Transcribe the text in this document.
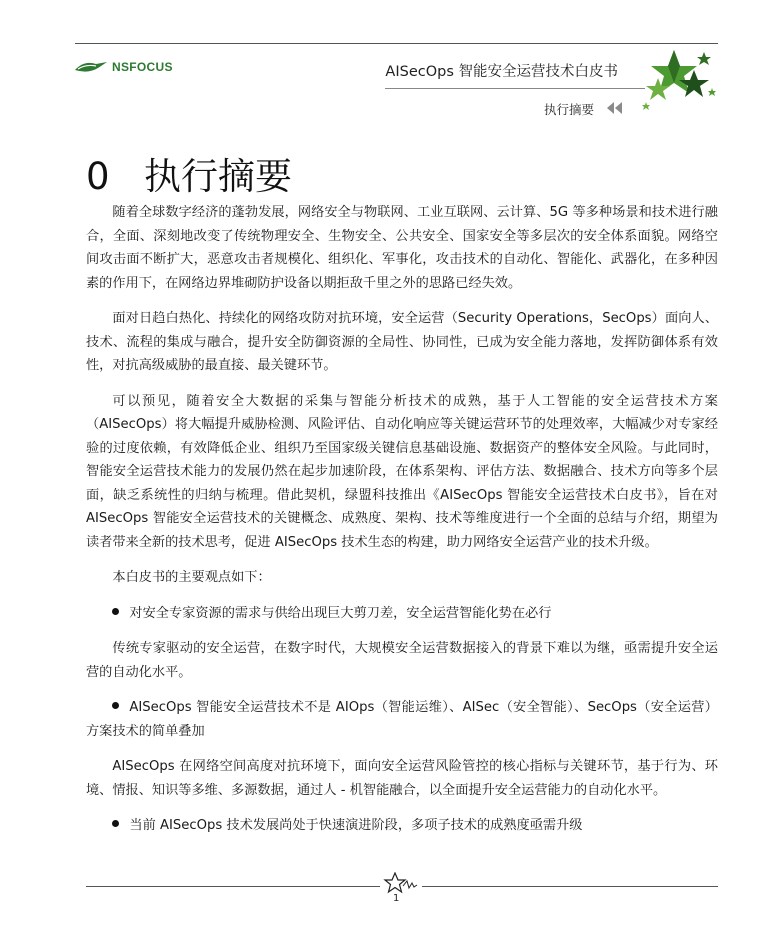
NSFOCUS	AISecOps 智能安全运营技术白皮书
执行摘要
0 执行摘要

随着全球数字经济的蓬勃发展，网络安全与物联网、工业互联网、云计算、5G 等多种场景和技术进行融合，全面、深刻地改变了传统物理安全、生物安全、公共安全、国家安全等多层次的安全体系面貌。网络空间攻击面不断扩大，恶意攻击者规模化、组织化、军事化，攻击技术的自动化、智能化、武器化，在多种因素的作用下，在网络边界堆砌防护设备以期拒敌千里之外的思路已经失效。

面对日趋白热化、持续化的网络攻防对抗环境，安全运营（Security Operations，SecOps）面向人、技术、流程的集成与融合，提升安全防御资源的全局性、协同性，已成为安全能力落地，发挥防御体系有效性，对抗高级威胁的最直接、最关键环节。

可以预见，随着安全大数据的采集与智能分析技术的成熟，基于人工智能的安全运营技术方案（AISecOps）将大幅提升威胁检测、风险评估、自动化响应等关键运营环节的处理效率，大幅减少对专家经验的过度依赖，有效降低企业、组织乃至国家级关键信息基础设施、数据资产的整体安全风险。与此同时，智能安全运营技术能力的发展仍然在起步加速阶段，在体系架构、评估方法、数据融合、技术方向等多个层面，缺乏系统性的归纳与梳理。借此契机，绿盟科技推出《AISecOps 智能安全运营技术白皮书》，旨在对 AISecOps 智能安全运营技术的关键概念、成熟度、架构、技术等维度进行一个全面的总结与介绍，期望为读者带来全新的技术思考，促进 AISecOps 技术生态的构建，助力网络安全运营产业的技术升级。

本白皮书的主要观点如下：

对安全专家资源的需求与供给出现巨大剪刀差，安全运营智能化势在必行

传统专家驱动的安全运营，在数字时代，大规模安全运营数据接入的背景下难以为继，亟需提升安全运营的自动化水平。

AISecOps 智能安全运营技术不是 AIOps（智能运维）、AISec（安全智能）、SecOps（安全运营）方案技术的简单叠加

AISecOps 在网络空间高度对抗环境下，面向安全运营风险管控的核心指标与关键环节，基于行为、环境、情报、知识等多维、多源数据，通过人 - 机智能融合，以全面提升安全运营能力的自动化水平。

当前 AISecOps 技术发展尚处于快速演进阶段，多项子技术的成熟度亟需升级

1
